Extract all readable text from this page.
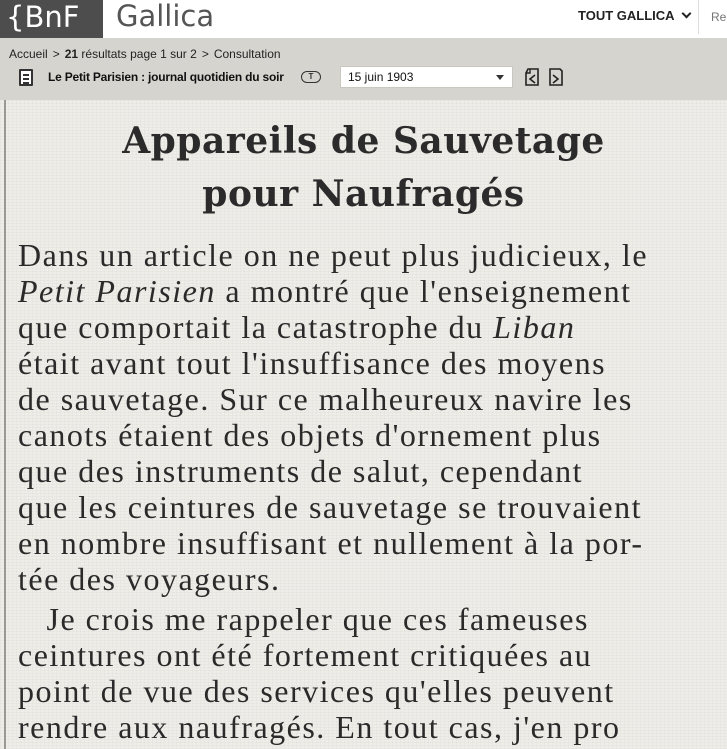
{BnF	Gallica	TOUT GALLICA
Rechercher
Accueil > 21 résultats page 1 sur 2 > Consultation
Le Petit Parisien : journal quotidien du soir	T	15 juin 1903
Appareils de Sauvetage
pour Naufragés
Dans un article on ne peut plus judicieux, le
Petit Parisien a montré que l'enseignement
que comportait la catastrophe du Liban
était avant tout l'insuffisance des moyens
de sauvetage. Sur ce malheureux navire les
canots étaient des objets d'ornement plus
que des instruments de salut, cependant
que les ceintures de sauvetage se trouvaient
en nombre insuffisant et nullement à la por-
tée des voyageurs.
Je crois me rappeler que ces fameuses
ceintures ont été fortement critiquées au
point de vue des services qu'elles peuvent
rendre aux naufragés. En tout cas, j'en pro
